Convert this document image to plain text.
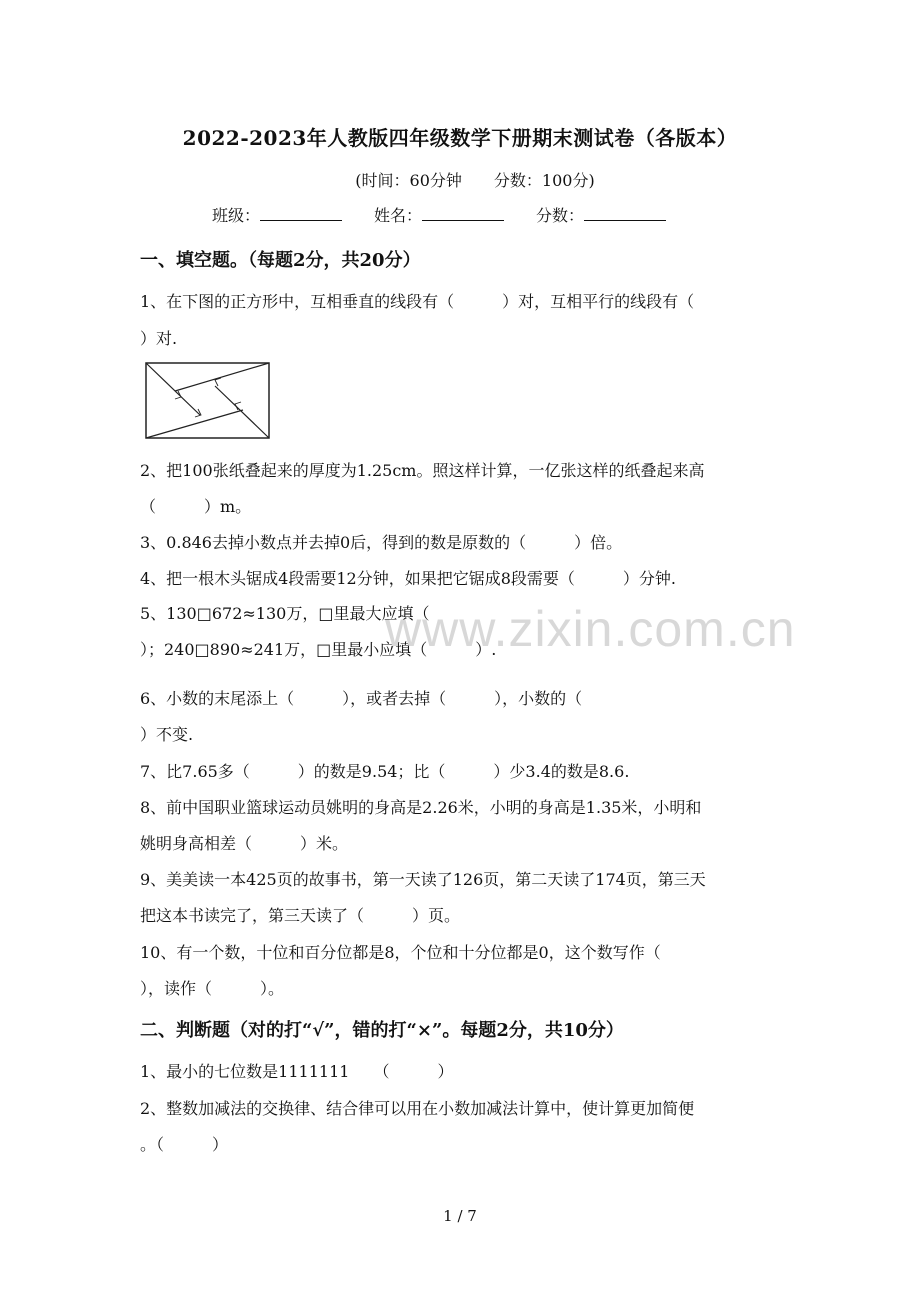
2022-2023年人教版四年级数学下册期末测试卷（各版本）
(时间：60分钟　　分数：100分)
班级：	姓名：	分数：
一、填空题。（每题2分，共20分）
1、在下图的正方形中，互相垂直的线段有（　　　）对，互相平行的线段有（
）对.
2、把100张纸叠起来的厚度为1.25cm。照这样计算，一亿张这样的纸叠起来高
（　　　）m。
3、0.846去掉小数点并去掉0后，得到的数是原数的（　　　）倍。
4、把一根木头锯成4段需要12分钟，如果把它锯成8段需要（　　　）分钟.
5、130□672≈130万，□里最大应填（
）；240□890≈241万，□里最小应填（　　　）.
6、小数的末尾添上（　　　），或者去掉（　　　），小数的（
）不变.
7、比7.65多（　　　）的数是9.54；比（　　　）少3.4的数是8.6.
8、前中国职业篮球运动员姚明的身高是2.26米，小明的身高是1.35米，小明和
姚明身高相差（　　　）米。
9、美美读一本425页的故事书，第一天读了126页，第二天读了174页，第三天
把这本书读完了，第三天读了（　　　）页。
10、有一个数，十位和百分位都是8，个位和十分位都是0，这个数写作（
），读作（　　　）。
二、判断题（对的打“√”，错的打“×”。每题2分，共10分）
1、最小的七位数是1111111　　（　　　）
2、整数加减法的交换律、结合律可以用在小数加减法计算中，使计算更加简便
。（　　　）
www.zixin.com.cn
1 / 7
